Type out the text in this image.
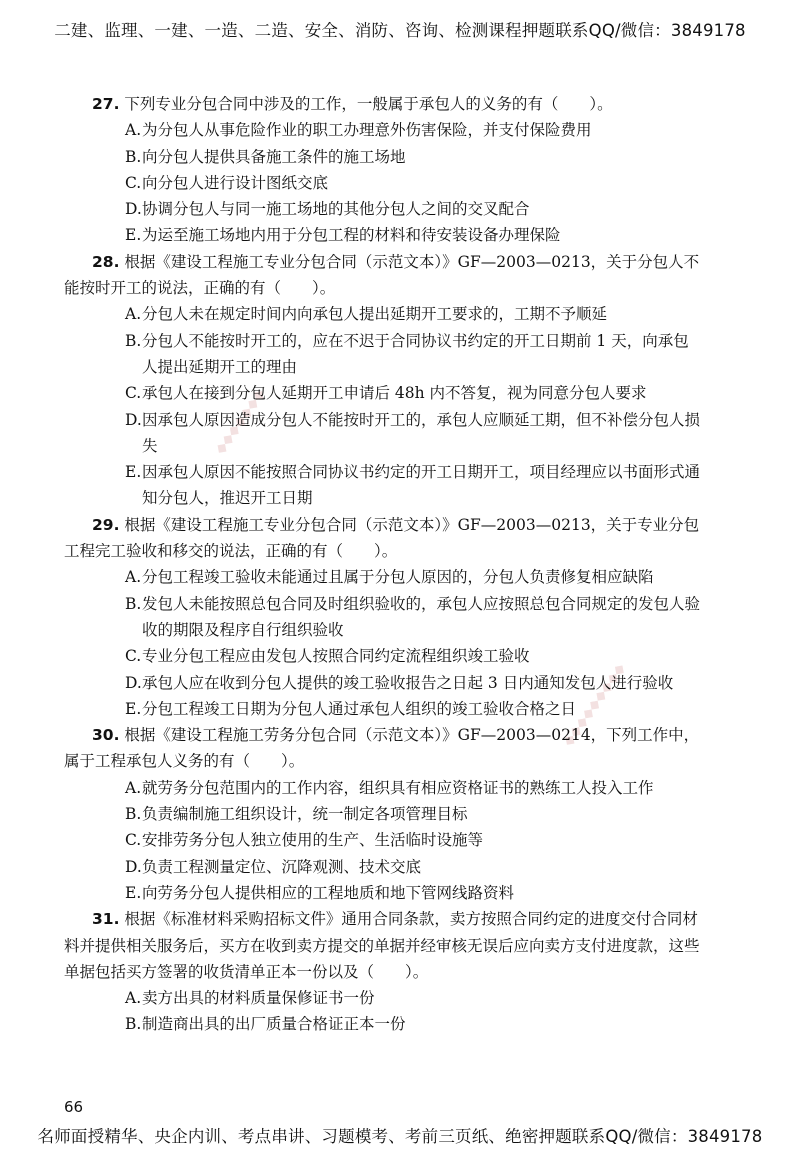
二建、监理、一建、一造、二造、安全、消防、咨询、检测课程押题联系QQ/微信：3849178
◆◆◆◆◆◆◆
◆◆◆◆◆◆◆◆◆

27. 下列专业分包合同中涉及的工作，一般属于承包人的义务的有（　　）。

A.为分包人从事危险作业的职工办理意外伤害保险，并支付保险费用

B.向分包人提供具备施工条件的施工场地

C.向分包人进行设计图纸交底

D.协调分包人与同一施工场地的其他分包人之间的交叉配合

E.为运至施工场地内用于分包工程的材料和待安装设备办理保险

28. 根据《建设工程施工专业分包合同（示范文本）》GF—2003—0213，关于分包人不能按时开工的说法，正确的有（　　）。

A.分包人未在规定时间内向承包人提出延期开工要求的，工期不予顺延

B.分包人不能按时开工的，应在不迟于合同协议书约定的开工日期前 1 天，向承包人提出延期开工的理由

C.承包人在接到分包人延期开工申请后 48h 内不答复，视为同意分包人要求

D.因承包人原因造成分包人不能按时开工的，承包人应顺延工期，但不补偿分包人损失

E.因承包人原因不能按照合同协议书约定的开工日期开工，项目经理应以书面形式通知分包人，推迟开工日期

29. 根据《建设工程施工专业分包合同（示范文本）》GF—2003—0213，关于专业分包工程完工验收和移交的说法，正确的有（　　）。

A.分包工程竣工验收未能通过且属于分包人原因的，分包人负责修复相应缺陷

B.发包人未能按照总包合同及时组织验收的，承包人应按照总包合同规定的发包人验收的期限及程序自行组织验收

C.专业分包工程应由发包人按照合同约定流程组织竣工验收

D.承包人应在收到分包人提供的竣工验收报告之日起 3 日内通知发包人进行验收

E.分包工程竣工日期为分包人通过承包人组织的竣工验收合格之日

30. 根据《建设工程施工劳务分包合同（示范文本）》GF—2003—0214，下列工作中，属于工程承包人义务的有（　　）。

A.就劳务分包范围内的工作内容，组织具有相应资格证书的熟练工人投入工作

B.负责编制施工组织设计，统一制定各项管理目标

C.安排劳务分包人独立使用的生产、生活临时设施等

D.负责工程测量定位、沉降观测、技术交底

E.向劳务分包人提供相应的工程地质和地下管网线路资料

31. 根据《标准材料采购招标文件》通用合同条款，卖方按照合同约定的进度交付合同材料并提供相关服务后，买方在收到卖方提交的单据并经审核无误后应向卖方支付进度款，这些单据包括买方签署的收货清单正本一份以及（　　）。

A.卖方出具的材料质量保修证书一份

B.制造商出具的出厂质量合格证正本一份

66
名师面授精华、央企内训、考点串讲、习题模考、考前三页纸、绝密押题联系QQ/微信：3849178
